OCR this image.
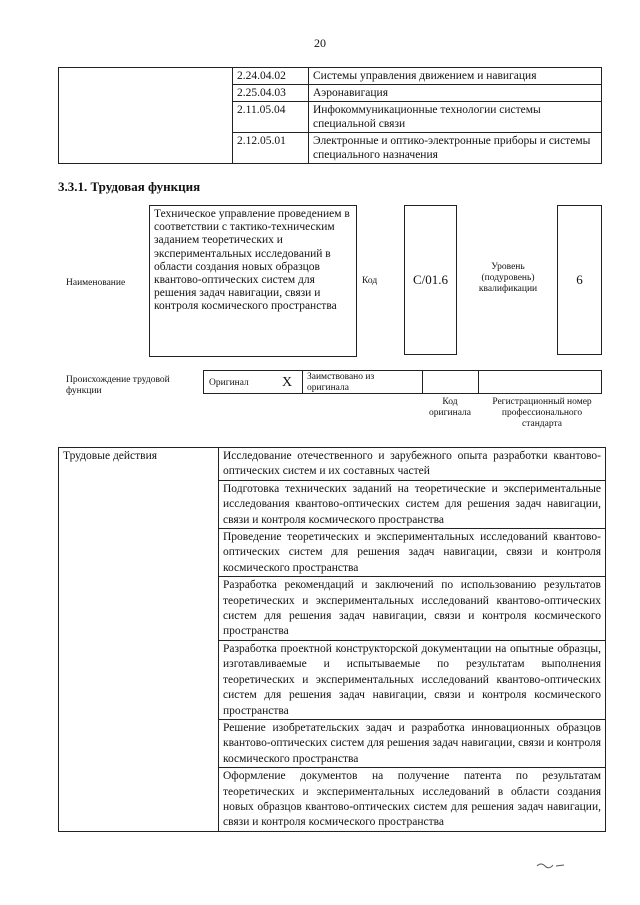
20
	2.24.04.02	Системы управления движением и навигация
	2.25.04.03	Аэронавигация
	2.11.05.04	Инфокоммуникационные технологии системы специальной связи
	2.12.05.01	Электронные и оптико-электронные приборы и системы специального назначения
3.3.1. Трудовая функция
Наименование
Техническое управление проведением в соответствии с тактико-техническим заданием теоретических и экспериментальных исследований в области создания новых образцов квантово-оптических систем для решения задач навигации, связи и контроля космического пространства
Код	С/01.6
Уровень (подуровень) квалификации
6
Происхождение трудовой функции
Оригинал X Заимствовано из оригинала
Код оригинала
Регистрационный номер профессионального стандарта
Трудовые действия	Исследование отечественного и зарубежного опыта разработки квантово-оптических систем и их составных частей
Подготовка технических заданий на теоретические и экспериментальные исследования квантово-оптических систем для решения задач навигации, связи и контроля космического пространства
Проведение теоретических и экспериментальных исследований квантово-оптических систем для решения задач навигации, связи и контроля космического пространства
Разработка рекомендаций и заключений по использованию результатов теоретических и экспериментальных исследований квантово-оптических систем для решения задач навигации, связи и контроля космического пространства
Разработка проектной конструкторской документации на опытные образцы, изготавливаемые и испытываемые по результатам выполнения теоретических и экспериментальных исследований квантово-оптических систем для решения задач навигации, связи и контроля космического пространства
Решение изобретательских задач и разработка инновационных образцов квантово-оптических систем для решения задач навигации, связи и контроля космического пространства
Оформление документов на получение патента по результатам теоретических и экспериментальных исследований в области создания новых образцов квантово-оптических систем для решения задач навигации, связи и контроля космического пространства
